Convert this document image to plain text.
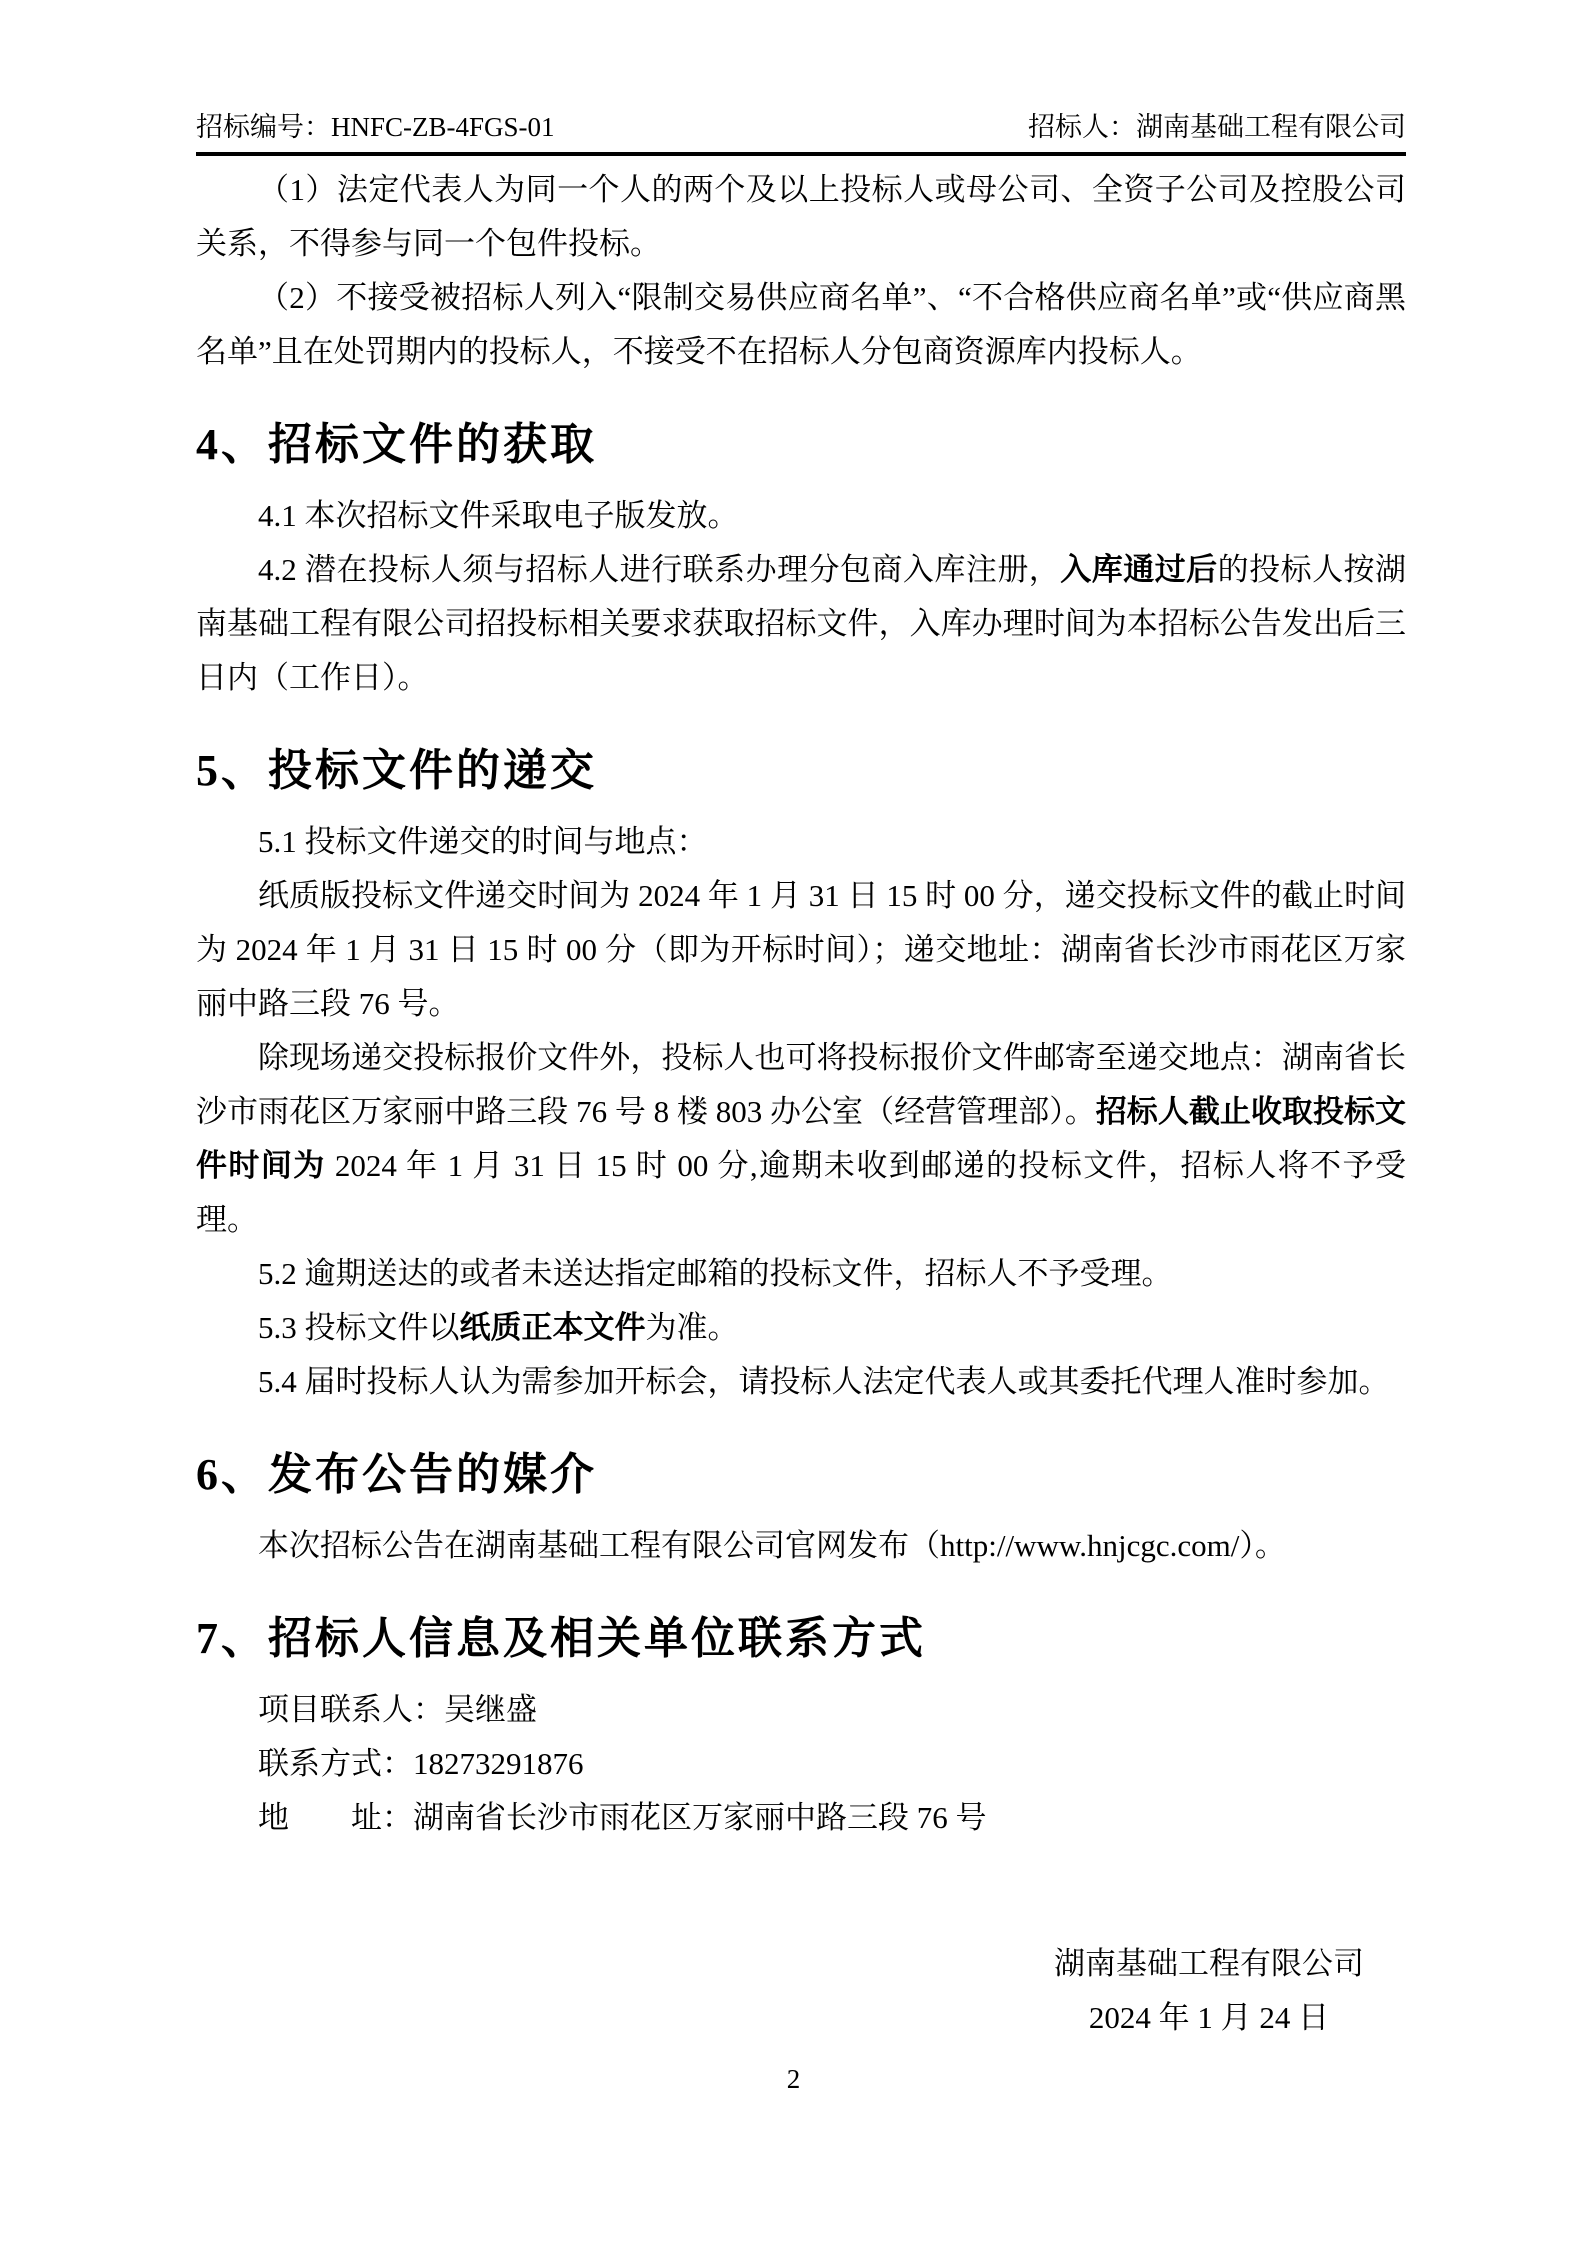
招标编号：HNFC-ZB-4FGS-01	招标人：湖南基础工程有限公司

（1）法定代表人为同一个人的两个及以上投标人或母公司、全资子公司及控股公司关系，不得参与同一个包件投标。

（2）不接受被招标人列入“限制交易供应商名单”、“不合格供应商名单”或“供应商黑名单”且在处罚期内的投标人，不接受不在招标人分包商资源库内投标人。

4、招标文件的获取

4.1 本次招标文件采取电子版发放。

4.2 潜在投标人须与招标人进行联系办理分包商入库注册，入库通过后的投标人按湖南基础工程有限公司招投标相关要求获取招标文件，入库办理时间为本招标公告发出后三日内（工作日）。

5、投标文件的递交

5.1 投标文件递交的时间与地点：

纸质版投标文件递交时间为 2024 年 1 月 31 日 15 时 00 分，递交投标文件的截止时间为 2024 年 1 月 31 日 15 时 00 分（即为开标时间）；递交地址：湖南省长沙市雨花区万家丽中路三段 76 号。

除现场递交投标报价文件外，投标人也可将投标报价文件邮寄至递交地点：湖南省长沙市雨花区万家丽中路三段 76 号 8 楼 803 办公室（经营管理部）。招标人截止收取投标文件时间为 2024 年 1 月 31 日 15 时 00 分,逾期未收到邮递的投标文件，招标人将不予受理。

5.2 逾期送达的或者未送达指定邮箱的投标文件，招标人不予受理。

5.3 投标文件以纸质正本文件为准。

5.4 届时投标人认为需参加开标会，请投标人法定代表人或其委托代理人准时参加。

6、发布公告的媒介

本次招标公告在湖南基础工程有限公司官网发布（http://www.hnjcgc.com/）。

7、招标人信息及相关单位联系方式

项目联系人：吴继盛

联系方式：18273291876

地　　址：湖南省长沙市雨花区万家丽中路三段 76 号

湖南基础工程有限公司

2024 年 1 月 24 日

2
